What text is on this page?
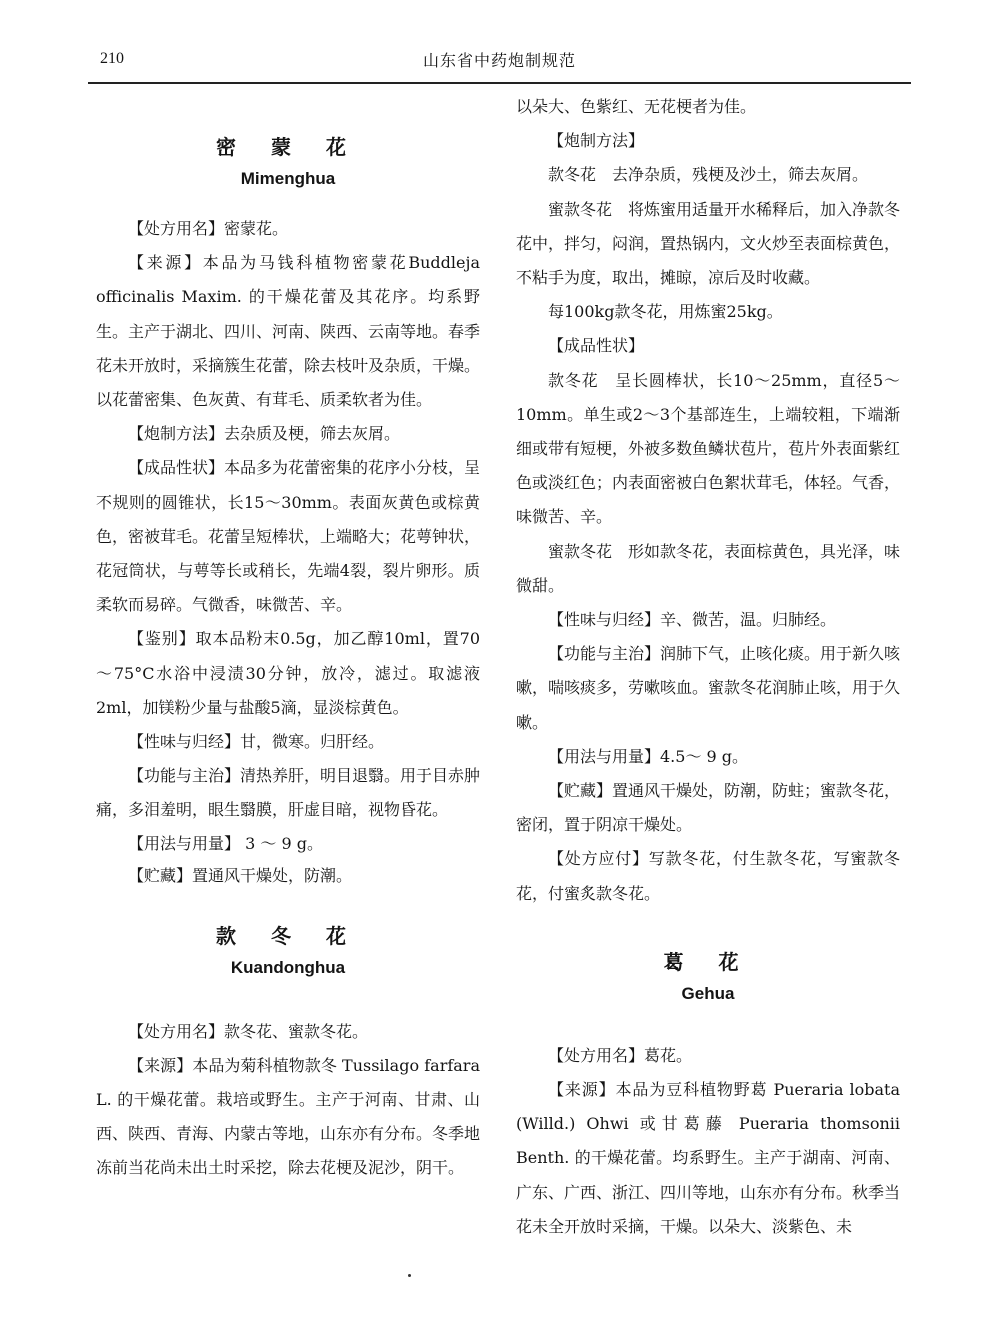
210	山东省中药炮制规范

密 蒙 花

Mimenghua

【处方用名】密蒙花。

【来源】本品为马钱科植物密蒙花Buddleja officinalis Maxim. 的干燥花蕾及其花序。均系野生。主产于湖北、四川、河南、陕西、云南等地。春季花未开放时，采摘簇生花蕾，除去枝叶及杂质，干燥。以花蕾密集、色灰黄、有茸毛、质柔软者为佳。

【炮制方法】去杂质及梗，筛去灰屑。

【成品性状】本品多为花蕾密集的花序小分枝，呈不规则的圆锥状，长15～30mm。表面灰黄色或棕黄色，密被茸毛。花蕾呈短棒状，上端略大；花萼钟状，花冠筒状，与萼等长或稍长，先端4裂，裂片卵形。质柔软而易碎。气微香，味微苦、辛。

【鉴别】取本品粉末0.5g，加乙醇10ml，置70～75°C水浴中浸渍30分钟，放冷，滤过。取滤液2ml，加镁粉少量与盐酸5滴，显淡棕黄色。

【性味与归经】甘，微寒。归肝经。

【功能与主治】清热养肝，明目退翳。用于目赤肿痛，多泪羞明，眼生翳膜，肝虚目暗，视物昏花。

【用法与用量】 3 ～ 9 g。

【贮藏】置通风干燥处，防潮。

款 冬 花

Kuandonghua

【处方用名】款冬花、蜜款冬花。

【来源】本品为菊科植物款冬 Tussilago farfara L. 的干燥花蕾。栽培或野生。主产于河南、甘肃、山西、陕西、青海、内蒙古等地，山东亦有分布。冬季地冻前当花尚未出土时采挖，除去花梗及泥沙，阴干。

以朵大、色紫红、无花梗者为佳。

【炮制方法】

款冬花　去净杂质，残梗及沙土，筛去灰屑。

蜜款冬花　将炼蜜用适量开水稀释后，加入净款冬花中，拌匀，闷润，置热锅内，文火炒至表面棕黄色，不粘手为度，取出，摊晾，凉后及时收藏。

每100kg款冬花，用炼蜜25kg。

【成品性状】

款冬花　呈长圆棒状，长10～25mm，直径5～10mm。单生或2～3个基部连生，上端较粗，下端渐细或带有短梗，外被多数鱼鳞状苞片，苞片外表面紫红色或淡红色；内表面密被白色絮状茸毛，体轻。气香，味微苦、辛。

蜜款冬花　形如款冬花，表面棕黄色，具光泽，味微甜。

【性味与归经】辛、微苦，温。归肺经。

【功能与主治】润肺下气，止咳化痰。用于新久咳嗽，喘咳痰多，劳嗽咳血。蜜款冬花润肺止咳，用于久嗽。

【用法与用量】4.5～ 9 g。

【贮藏】置通风干燥处，防潮，防蛀；蜜款冬花，密闭，置于阴凉干燥处。

【处方应付】写款冬花，付生款冬花，写蜜款冬花，付蜜炙款冬花。

葛 花

Gehua

【处方用名】葛花。

【来源】本品为豆科植物野葛 Pueraria lobata (Willd.) Ohwi 或甘葛藤 Pueraria thomsonii Benth. 的干燥花蕾。均系野生。主产于湖南、河南、广东、广西、浙江、四川等地，山东亦有分布。秋季当花未全开放时采摘，干燥。以朵大、淡紫色、未
